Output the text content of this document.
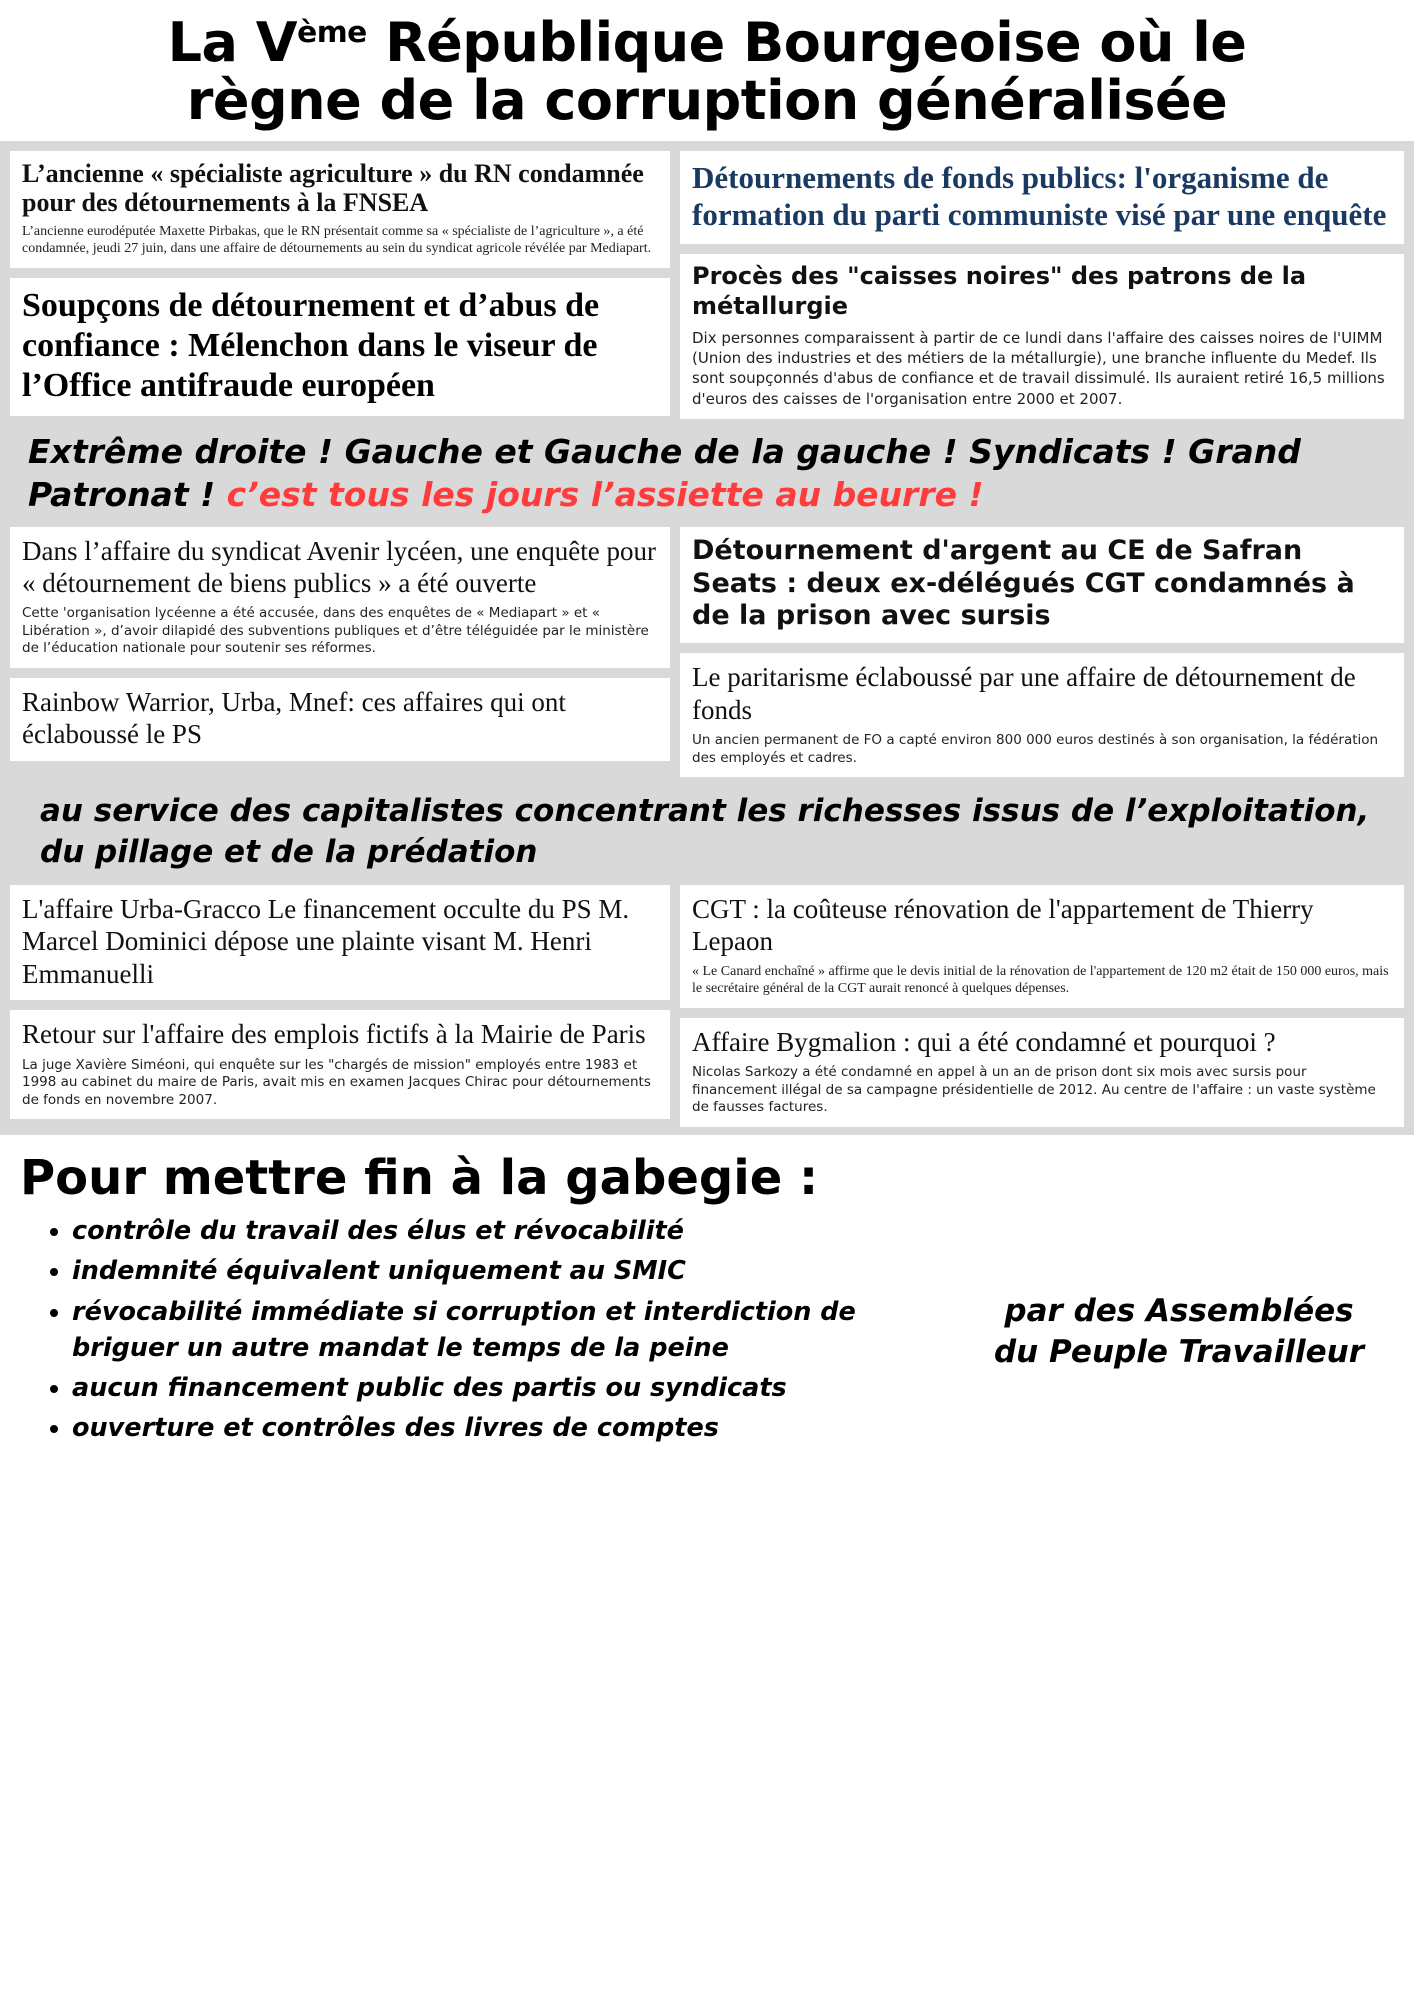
La Vème République Bourgeoise où le
règne de la corruption généralisée
L’ancienne « spécialiste agriculture » du RN condamnée pour des détournements à la FNSEA
L’ancienne eurodéputée Maxette Pirbakas, que le RN présentait comme sa « spécialiste de l’agriculture », a été condamnée, jeudi 27 juin, dans une affaire de détournements au sein du syndicat agricole révélée par Mediapart.
Soupçons de détournement et d’abus de confiance : Mélenchon dans le viseur de l’Office antifraude européen
Détournements de fonds publics: l'organisme de formation du parti communiste visé par une enquête
Procès des "caisses noires" des patrons de la métallurgie
Dix personnes comparaissent à partir de ce lundi dans l'affaire des caisses noires de l'UIMM (Union des industries et des métiers de la métallurgie), une branche influente du Medef. Ils sont soupçonnés d'abus de confiance et de travail dissimulé. Ils auraient retiré 16,5 millions d'euros des caisses de l'organisation entre 2000 et 2007.
Extrême droite ! Gauche et Gauche de la gauche ! Syndicats ! Grand Patronat ! c’est tous les jours l’assiette au beurre !
Dans l’affaire du syndicat Avenir lycéen, une enquête pour « détournement de biens publics » a été ouverte
Cette 'organisation lycéenne a été accusée, dans des enquêtes de « Mediapart » et « Libération », d’avoir dilapidé des subventions publiques et d’être téléguidée par le ministère de l’éducation nationale pour soutenir ses réformes.
Rainbow Warrior, Urba, Mnef: ces affaires qui ont éclaboussé le PS
Détournement d'argent au CE de Safran Seats : deux ex-délégués CGT condamnés à de la prison avec sursis
Le paritarisme éclaboussé par une affaire de détournement de fonds
Un ancien permanent de FO a capté environ 800 000 euros destinés à son organisation, la fédération des employés et cadres.
au service des capitalistes concentrant les richesses issus de l’exploitation, du pillage et de la prédation
L'affaire Urba-Gracco Le financement occulte du PS M. Marcel Dominici dépose une plainte visant M. Henri Emmanuelli
Retour sur l'affaire des emplois fictifs à la Mairie de Paris
La juge Xavière Siméoni, qui enquête sur les "chargés de mission" employés entre 1983 et 1998 au cabinet du maire de Paris, avait mis en examen Jacques Chirac pour détournements de fonds en novembre 2007.
CGT : la coûteuse rénovation de l'appartement de Thierry Lepaon
« Le Canard enchaîné » affirme que le devis initial de la rénovation de l'appartement de 120 m2 était de 150 000 euros, mais le secrétaire général de la CGT aurait renoncé à quelques dépenses.
Affaire Bygmalion : qui a été condamné et pourquoi ?
Nicolas Sarkozy a été condamné en appel à un an de prison dont six mois avec sursis pour financement illégal de sa campagne présidentielle de 2012. Au centre de l'affaire : un vaste système de fausses factures.
Pour mettre fin à la gabegie :
• contrôle du travail des élus et révocabilité
• indemnité équivalent uniquement au SMIC
• révocabilité immédiate si corruption et interdiction de briguer un autre mandat le temps de la peine
• aucun financement public des partis ou syndicats
• ouverture et contrôles des livres de comptes
par des Assemblées
du Peuple Travailleur
